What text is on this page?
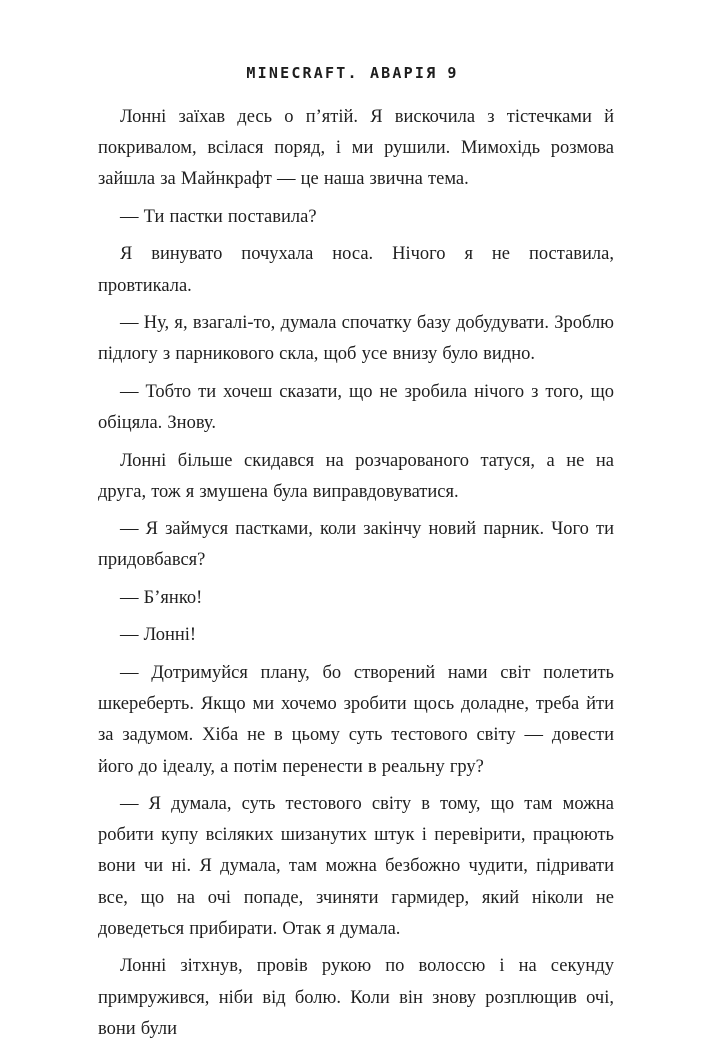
MINECRAFT. АВАРІЯ 9

Лонні заїхав десь о п’ятій. Я вискочила з тістечками й покривалом, всілася поряд, і ми рушили. Мимохідь розмова зайшла за Майнкрафт — це наша звична тема.

— Ти пастки поставила?

Я винувато почухала носа. Нічого я не поставила, провтикала.

— Ну, я, взагалі-то, думала спочатку базу добудувати. Зроблю підлогу з парникового скла, щоб усе внизу було видно.

— Тобто ти хочеш сказати, що не зробила нічого з того, що обіцяла. Знову.

Лонні більше скидався на розчарованого татуся, а не на друга, тож я змушена була виправдовуватися.

— Я займуся пастками, коли закінчу новий парник. Чого ти придовбався?

— Б’янко!

— Лонні!

— Дотримуйся плану, бо створений нами світ полетить шкереберть. Якщо ми хочемо зробити щось доладне, треба йти за задумом. Хіба не в цьому суть тестового світу — довести його до ідеалу, а потім перенести в реальну гру?

— Я думала, суть тестового світу в тому, що там можна робити купу всіляких шизанутих штук і перевірити, працюють вони чи ні. Я думала, там можна безбожно чудити, підривати все, що на очі попаде, зчиняти гармидер, який ніколи не доведеться прибирати. Отак я думала.

Лонні зітхнув, провів рукою по волоссю і на секунду примружився, ніби від болю. Коли він знову розплющив очі, вони були
